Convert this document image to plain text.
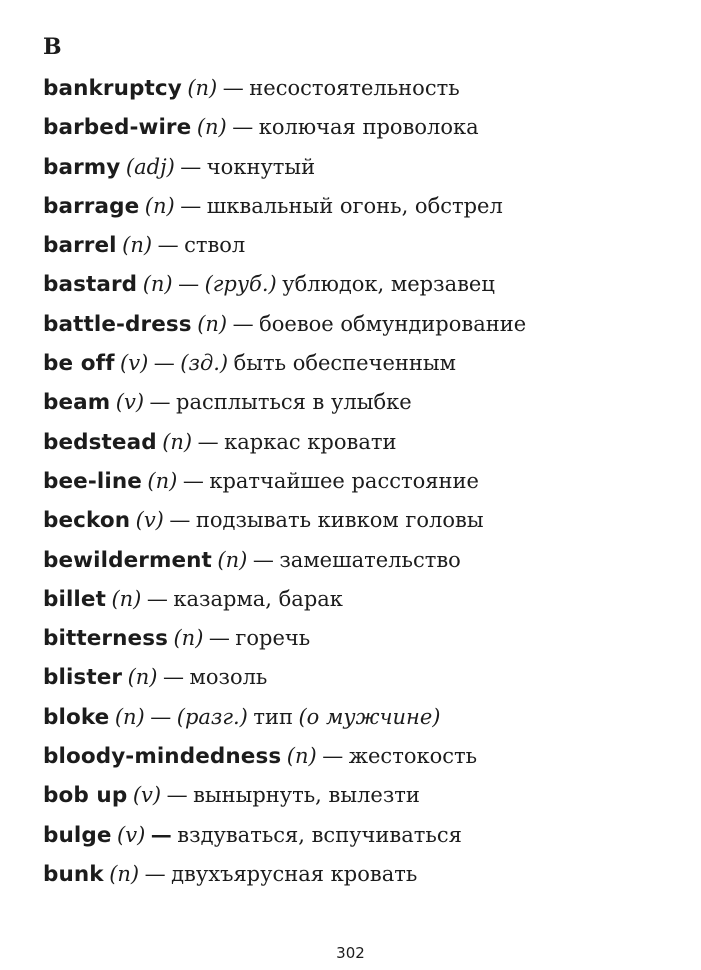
B
bankruptcy (n) — несостоятельность
barbed-wire (n) — колючая проволока
barmy (adj) — чокнутый
barrage (n) — шквальный огонь, обстрел
barrel (n) — ствол
bastard (n) — (груб.) ублюдок, мерзавец
battle-dress (n) — боевое обмундирование
be off (v) — (зд.) быть обеспеченным
beam (v) — расплыться в улыбке
bedstead (n) — каркас кровати
bee-line (n) — кратчайшее расстояние
beckon (v) — подзывать кивком головы
bewilderment (n) — замешательство
billet (n) — казарма, барак
bitterness (n) — горечь
blister (n) — мозоль
bloke (n) — (разг.) тип (о мужчине)
bloody-mindedness (n) — жестокость
bob up (v) — вынырнуть, вылезти
bulge (v) — вздуваться, вспучиваться
bunk (n) — двухъярусная кровать
302
